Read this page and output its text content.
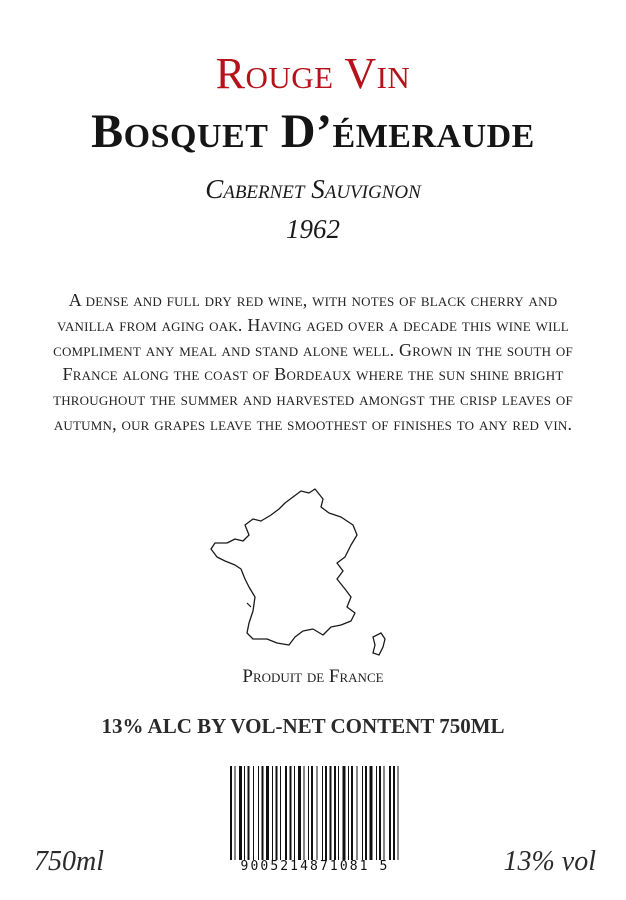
Rouge Vin
Bosquet D’émeraude
Cabernet Sauvignon
1962
A dense and full dry red wine, with notes of black cherry and vanilla from aging oak. Having aged over a decade this wine will compliment any meal and stand alone well. Grown in the south of France along the coast of Bordeaux where the sun shine bright throughout the summer and harvested amongst the crisp leaves of autumn, our grapes leave the smoothest of finishes to any red vin.
Produit de France
13% ALC BY VOL-NET CONTENT 750ML
9005214871081 5
750ml	13% vol
